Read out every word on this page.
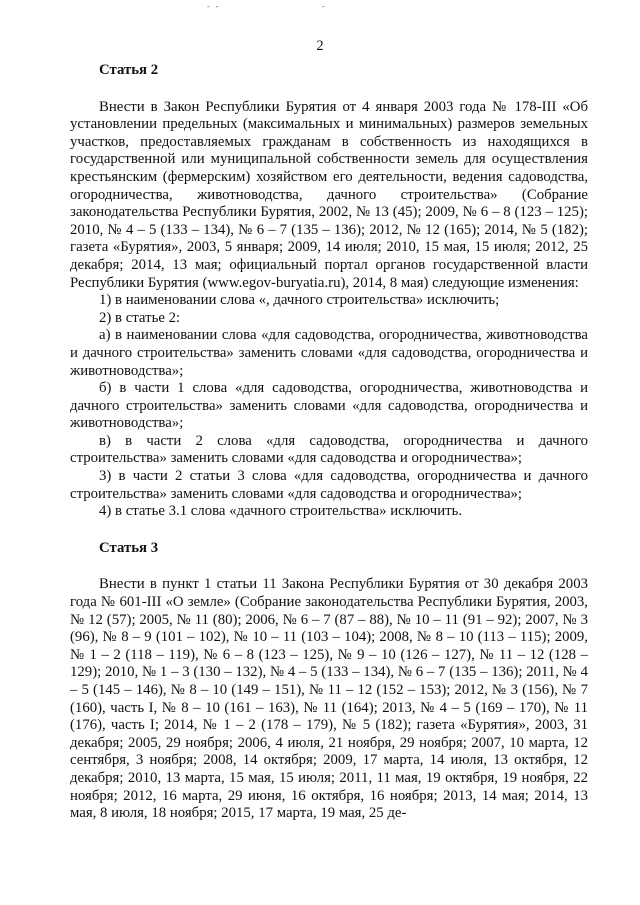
- -	-
2

Статья 2

Внести в Закон Республики Бурятия от 4 января 2003 года № 178-III «Об установлении предельных (максимальных и минимальных) размеров земельных участков, предоставляемых гражданам в собственность из находящихся в государственной или муниципальной собственности земель для осуществления крестьянским (фермерским) хозяйством его деятельности, ведения садоводства, огородничества, животноводства, дачного строительства» (Собрание законодательства Республики Бурятия, 2002, № 13 (45); 2009, № 6 – 8 (123 – 125); 2010, № 4 – 5 (133 – 134), № 6 – 7 (135 – 136); 2012, № 12 (165); 2014, № 5 (182); газета «Бурятия», 2003, 5 января; 2009, 14 июля; 2010, 15 мая, 15 июля; 2012, 25 декабря; 2014, 13 мая; официальный портал органов государственной власти Республики Бурятия (www.egov-buryatia.ru), 2014, 8 мая) следующие изменения:

1) в наименовании слова «, дачного строительства» исключить;

2) в статье 2:

а) в наименовании слова «для садоводства, огородничества, животноводства и дачного строительства» заменить словами «для садоводства, огородничества и животноводства»;

б) в части 1 слова «для садоводства, огородничества, животноводства и дачного строительства» заменить словами «для садоводства, огородничества и животноводства»;

в) в части 2 слова «для садоводства, огородничества и дачного строительства» заменить словами «для садоводства и огородничества»;

3) в части 2 статьи 3 слова «для садоводства, огородничества и дачного строительства» заменить словами «для садоводства и огородничества»;

4) в статье 3.1 слова «дачного строительства» исключить.

Статья 3

Внести в пункт 1 статьи 11 Закона Республики Бурятия от 30 декабря 2003 года № 601-III «О земле» (Собрание законодательства Республики Бурятия, 2003, № 12 (57); 2005, № 11 (80); 2006, № 6 – 7 (87 – 88), № 10 – 11 (91 – 92); 2007, № 3 (96), № 8 – 9 (101 – 102), № 10 – 11 (103 – 104); 2008, № 8 – 10 (113 – 115); 2009, № 1 – 2 (118 – 119), № 6 – 8 (123 – 125), № 9 – 10 (126 – 127), № 11 – 12 (128 – 129); 2010, № 1 – 3 (130 – 132), № 4 – 5 (133 – 134), № 6 – 7 (135 – 136); 2011, № 4 – 5 (145 – 146), № 8 – 10 (149 – 151), № 11 – 12 (152 – 153); 2012, № 3 (156), № 7 (160), часть I, № 8 – 10 (161 – 163), № 11 (164); 2013, № 4 – 5 (169 – 170), № 11 (176), часть I; 2014, № 1 – 2 (178 – 179), № 5 (182); газета «Бурятия», 2003, 31 декабря; 2005, 29 ноября; 2006, 4 июля, 21 ноября, 29 ноября; 2007, 10 марта, 12 сентября, 3 ноября; 2008, 14 октября; 2009, 17 марта, 14 июля, 13 октября, 12 декабря; 2010, 13 марта, 15 мая, 15 июля; 2011, 11 мая, 19 октября, 19 ноября, 22 ноября; 2012, 16 марта, 29 июня, 16 октября, 16 ноября; 2013, 14 мая; 2014, 13 мая, 8 июля, 18 ноября; 2015, 17 марта, 19 мая, 25 де-
